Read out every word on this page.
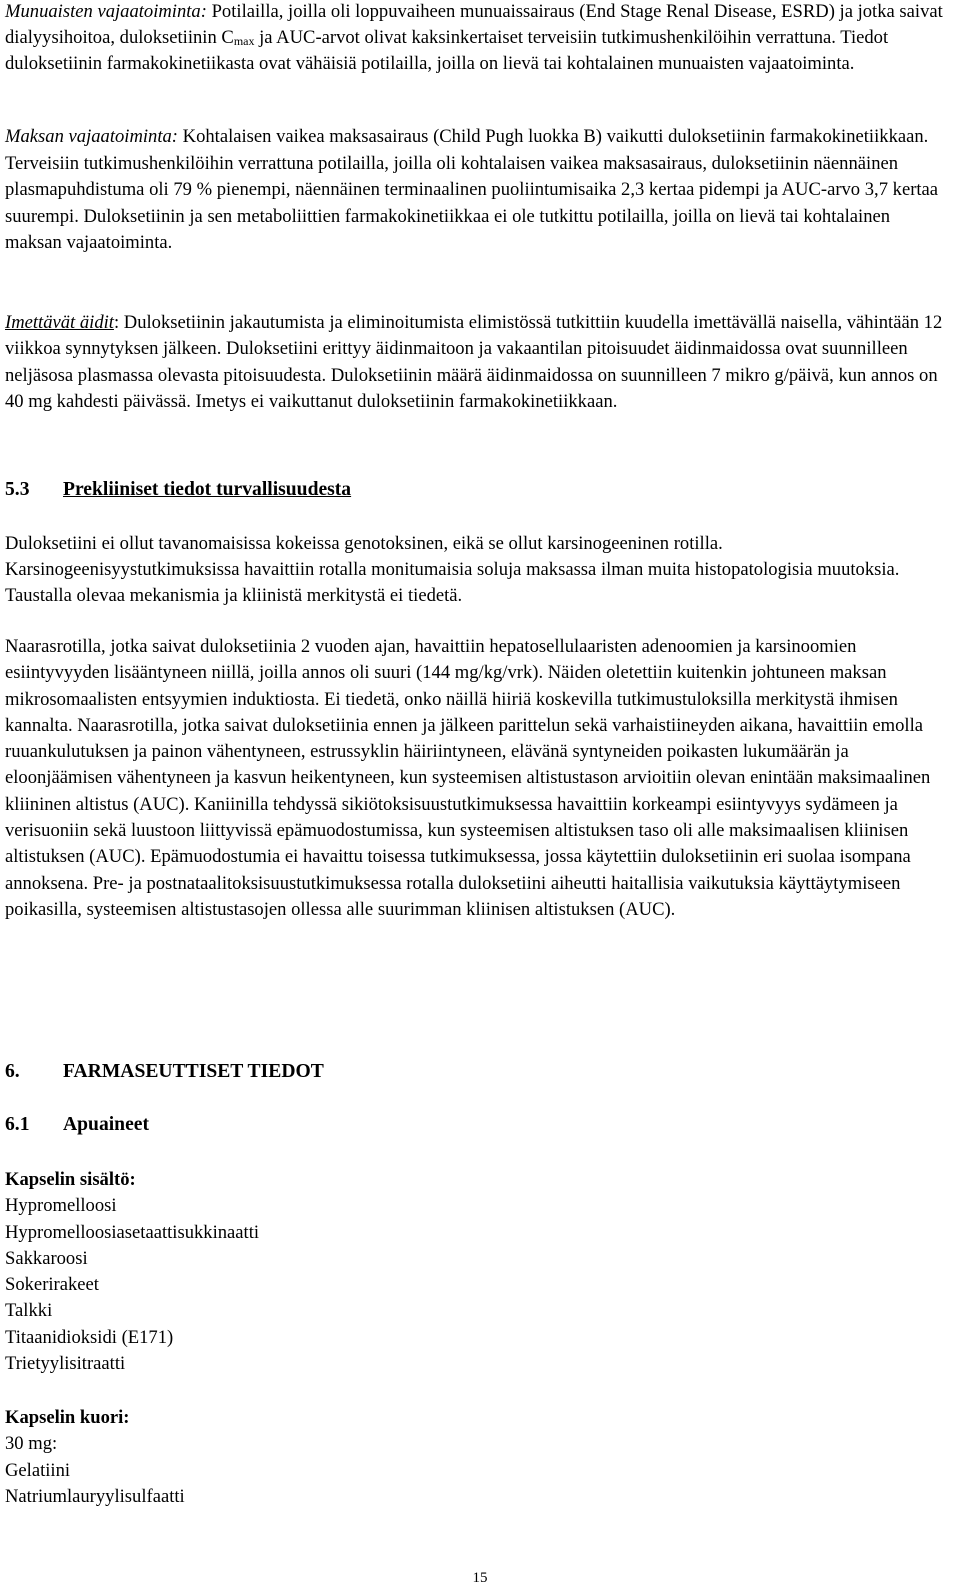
Munuaisten vajaatoiminta: Potilailla, joilla oli loppuvaiheen munuaissairaus (End Stage Renal Disease, ESRD) ja jotka saivat dialyysihoitoa, duloksetiinin $C_{max}$ ja AUC-arvot olivat kaksinkertaiset terveisiin tutkimushenkilöihin verrattuna. Tiedot duloksetiinin farmakokinetiikasta ovat vähäisiä potilailla, joilla on lievä tai kohtalainen munuaisten vajaatoiminta.

Maksan vajaatoiminta: Kohtalaisen vaikea maksasairaus (Child Pugh luokka B) vaikutti duloksetiinin farmakokinetiikkaan. Terveisiin tutkimushenkilöihin verrattuna potilailla, joilla oli kohtalaisen vaikea maksasairaus, duloksetiinin näennäinen plasmapuhdistuma oli 79 % pienempi, näennäinen terminaalinen puoliintumisaika 2,3 kertaa pidempi ja AUC-arvo 3,7 kertaa suurempi. Duloksetiinin ja sen metaboliittien farmakokinetiikkaa ei ole tutkittu potilailla, joilla on lievä tai kohtalainen maksan vajaatoiminta.

Imettävät äidit: Duloksetiinin jakautumista ja eliminoitumista elimistössä tutkittiin kuudella imettävällä naisella, vähintään 12 viikkoa synnytyksen jälkeen. Duloksetiini erittyy äidinmaitoon ja vakaantilan pitoisuudet äidinmaidossa ovat suunnilleen neljäsosa plasmassa olevasta pitoisuudesta. Duloksetiinin määrä äidinmaidossa on suunnilleen 7 mikro g/päivä, kun annos on 40 mg kahdesti päivässä. Imetys ei vaikuttanut duloksetiinin farmakokinetiikkaan.

5.3 Prekliiniset tiedot turvallisuudesta

Duloksetiini ei ollut tavanomaisissa kokeissa genotoksinen, eikä se ollut karsinogeeninen rotilla. Karsinogeenisyystutkimuksissa havaittiin rotalla monitumaisia soluja maksassa ilman muita histopatologisia muutoksia. Taustalla olevaa mekanismia ja kliinistä merkitystä ei tiedetä.

Naarasrotilla, jotka saivat duloksetiinia 2 vuoden ajan, havaittiin hepatosellulaaristen adenoomien ja karsinoomien esiintyvyyden lisääntyneen niillä, joilla annos oli suuri (144 mg/kg/vrk). Näiden oletettiin kuitenkin johtuneen maksan mikrosomaalisten entsyymien induktiosta. Ei tiedetä, onko näillä hiiriä koskevilla tutkimustuloksilla merkitystä ihmisen kannalta. Naarasrotilla, jotka saivat duloksetiinia ennen ja jälkeen parittelun sekä varhaistiineyden aikana, havaittiin emolla ruuankulutuksen ja painon vähentyneen, estrussyklin häiriintyneen, elävänä syntyneiden poikasten lukumäärän ja eloonjäämisen vähentyneen ja kasvun heikentyneen, kun systeemisen altistustason arvioitiin olevan enintään maksimaalinen kliininen altistus (AUC). Kaniinilla tehdyssä sikiötoksisuustutkimuksessa havaittiin korkeampi esiintyvyys sydämeen ja verisuoniin sekä luustoon liittyvissä epämuodostumissa, kun systeemisen altistuksen taso oli alle maksimaalisen kliinisen altistuksen (AUC). Epämuodostumia ei havaittu toisessa tutkimuksessa, jossa käytettiin duloksetiinin eri suolaa isompana annoksena. Pre- ja postnataalitoksisuustutkimuksessa rotalla duloksetiini aiheutti haitallisia vaikutuksia käyttäytymiseen poikasilla, systeemisen altistustasojen ollessa alle suurimman kliinisen altistuksen (AUC).

6. FARMASEUTTISET TIEDOT
6.1 Apuaineet
Kapselin sisältö:
Hypromelloosi
Hypromelloosiasetaattisukkinaatti
Sakkaroosi
Sokerirakeet
Talkki
Titaanidioksidi (E171)
Trietyylisitraatti
Kapselin kuori:
30 mg:
Gelatiini
Natriumlauryylisulfaatti
15
